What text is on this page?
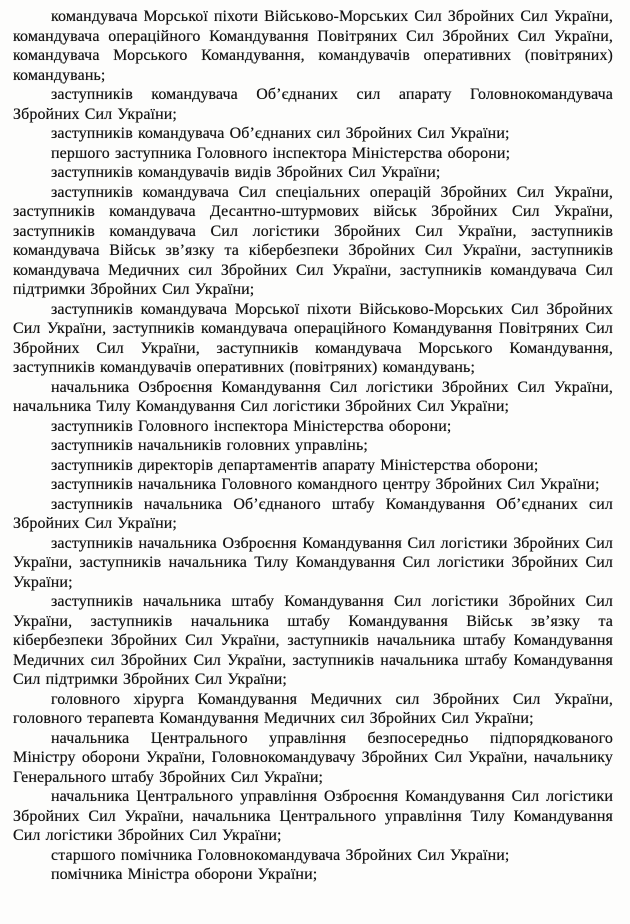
командувача Морської піхоти Військово-Морських Сил Збройних Сил України, командувача операційного Командування Повітряних Сил Збройних Сил України, командувача Морського Командування, командувачів оперативних (повітряних) командувань;

заступників командувача Об’єднаних сил апарату Головнокомандувача Збройних Сил України;

заступників командувача Об’єднаних сил Збройних Сил України;

першого заступника Головного інспектора Міністерства оборони;

заступників командувачів видів Збройних Сил України;

заступників командувача Сил спеціальних операцій Збройних Сил України, заступників командувача Десантно-штурмових військ Збройних Сил України, заступників командувача Сил логістики Збройних Сил України, заступників командувача Військ зв’язку та кібербезпеки Збройних Сил України, заступників командувача Медичних сил Збройних Сил України, заступників командувача Сил підтримки Збройних Сил України;

заступників командувача Морської піхоти Військово-Морських Сил Збройних Сил України, заступників командувача операційного Командування Повітряних Сил Збройних Сил України, заступників командувача Морського Командування, заступників командувачів оперативних (повітряних) командувань;

начальника Озброєння Командування Сил логістики Збройних Сил України, начальника Тилу Командування Сил логістики Збройних Сил України;

заступників Головного інспектора Міністерства оборони;

заступників начальників головних управлінь;

заступників директорів департаментів апарату Міністерства оборони;

заступників начальника Головного командного центру Збройних Сил України;

заступників начальника Об’єднаного штабу Командування Об’єднаних сил Збройних Сил України;

заступників начальника Озброєння Командування Сил логістики Збройних Сил України, заступників начальника Тилу Командування Сил логістики Збройних Сил України;

заступників начальника штабу Командування Сил логістики Збройних Сил України, заступників начальника штабу Командування Військ зв’язку та кібербезпеки Збройних Сил України, заступників начальника штабу Командування Медичних сил Збройних Сил України, заступників начальника штабу Командування Сил підтримки Збройних Сил України;

головного хірурга Командування Медичних сил Збройних Сил України, головного терапевта Командування Медичних сил Збройних Сил України;

начальника Центрального управління безпосередньо підпорядкованого Міністру оборони України, Головнокомандувачу Збройних Сил України, начальнику Генерального штабу Збройних Сил України;

начальника Центрального управління Озброєння Командування Сил логістики Збройних Сил України, начальника Центрального управління Тилу Командування Сил логістики Збройних Сил України;

старшого помічника Головнокомандувача Збройних Сил України;

помічника Міністра оборони України;
